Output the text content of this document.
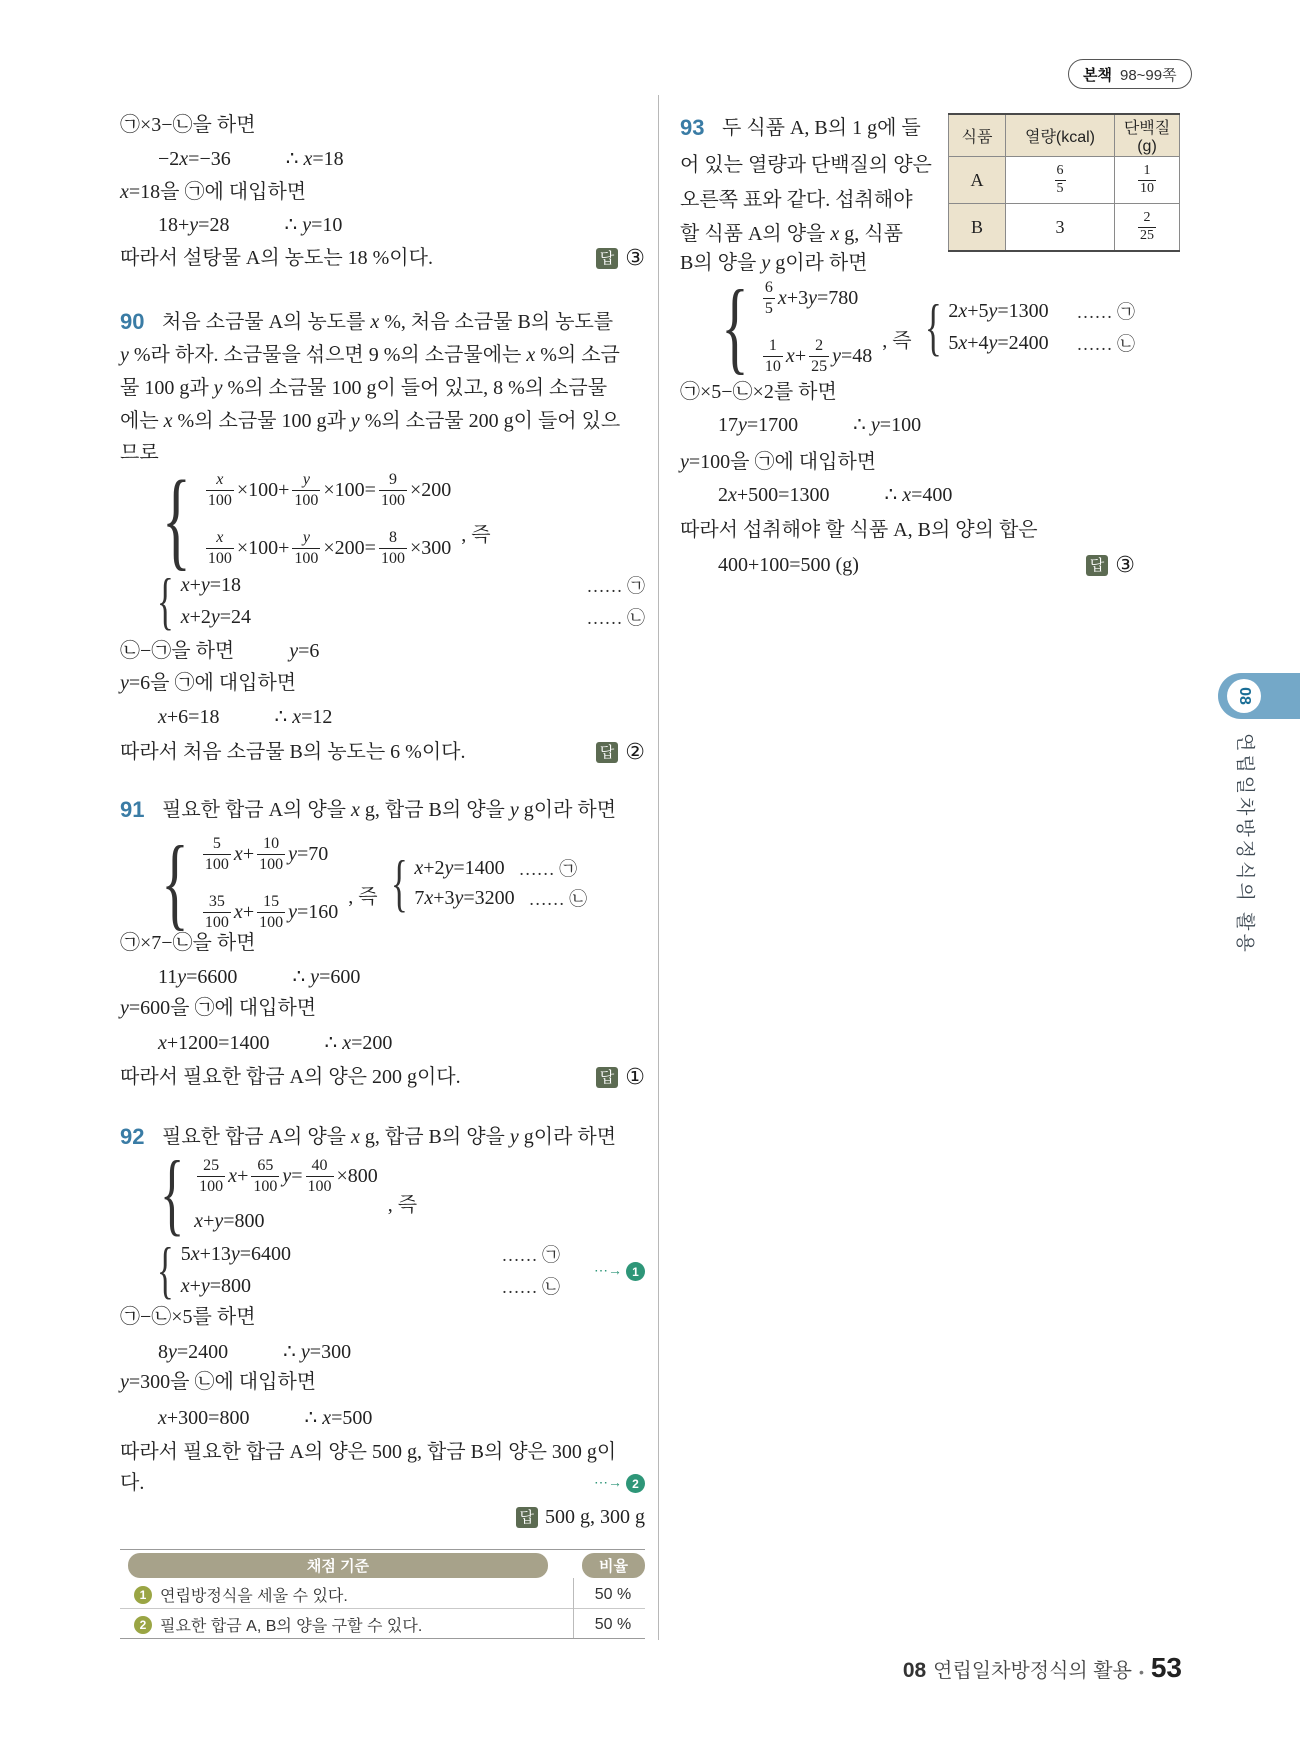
본책 98~99쪽
㉠×3−㉡을 하면
−2x=−36	∴ x=18
x=18을 ㉠에 대입하면
18+y=28	∴ y=10
따라서 설탕물 A의 농도는 18 %이다.	답 ③
90 처음 소금물 A의 농도를 x %, 처음 소금물 B의 농도를
y %라 하자. 소금물을 섞으면 9 %의 소금물에는 x %의 소금
물 100 g과 y %의 소금물 100 g이 들어 있고, 8 %의 소금물
에는 x %의 소금물 100 g과 y %의 소금물 200 g이 들어 있으
므로
{ $\frac{x}{100} \times 100+ \frac{y}{100} \times 100= \frac{9}{100} \times 200$
$\frac{x}{100} \times 100+ \frac{y}{100} \times 200= \frac{8}{100} \times 300$
, 즉
{ x+y=18	…… ㉠
x+2y=24	…… ㉡
㉡−㉠을 하면	y=6
y=6을 ㉠에 대입하면
x+6=18	∴ x=12
따라서 처음 소금물 B의 농도는 6 %이다.	답 ②
91 필요한 합금 A의 양을 x g, 합금 B의 양을 y g이라 하면
{ $\frac{5}{100} x+ \frac{10}{100} y=70$
$\frac{35}{100} x+ \frac{15}{100} y=160$
, 즉 { x+2y=1400 …… ㉠
7x+3y=3200 …… ㉡
㉠×7−㉡을 하면
11y=6600	∴ y=600
y=600을 ㉠에 대입하면
x+1200=1400	∴ x=200
따라서 필요한 합금 A의 양은 200 g이다.	답 ①
92 필요한 합금 A의 양을 x g, 합금 B의 양을 y g이라 하면
{ $\frac{25}{100} x+ \frac{65}{100} y= \frac{40}{100} \times 800$
x+y=800
, 즉
{ 5x+13y=6400	…… ㉠
x+y=800	…… ㉡
⋯→ 1
㉠−㉡×5를 하면
8y=2400	∴ y=300
y=300을 ㉡에 대입하면
x+300=800	∴ x=500
따라서 필요한 합금 A의 양은 500 g, 합금 B의 양은 300 g이
다.	⋯→ 2
답 500 g, 300 g
채점 기준	비율
1 연립방정식을 세울 수 있다.	50 %
2 필요한 합금 A, B의 양을 구할 수 있다.	50 %
93 두 식품 A, B의 1 g에 들
어 있는 열량과 단백질의 양은
오른쪽 표와 같다. 섭취해야
할 식품 A의 양을 x g, 식품
B의 양을 y g이라 하면
식품	열량(kcal)	단백질(g)
A	$\frac{6}{5}$	$\frac{1}{10}$

B	3	$\frac{2}{25}$
{ $\frac{6}{5} x+3y=780$
$\frac{1}{10} x+ \frac{2}{25} y=48$
, 즉 { 2x+5y=1300 …… ㉠
5x+4y=2400 …… ㉡
㉠×5−㉡×2를 하면
17y=1700	∴ y=100
y=100을 ㉠에 대입하면
2x+500=1300	∴ x=400
따라서 섭취해야 할 식품 A, B의 양의 합은
400+100=500 (g)	답 ③
08
연립일차방정식의 활용
08 연립일차방정식의 활용 • 53
